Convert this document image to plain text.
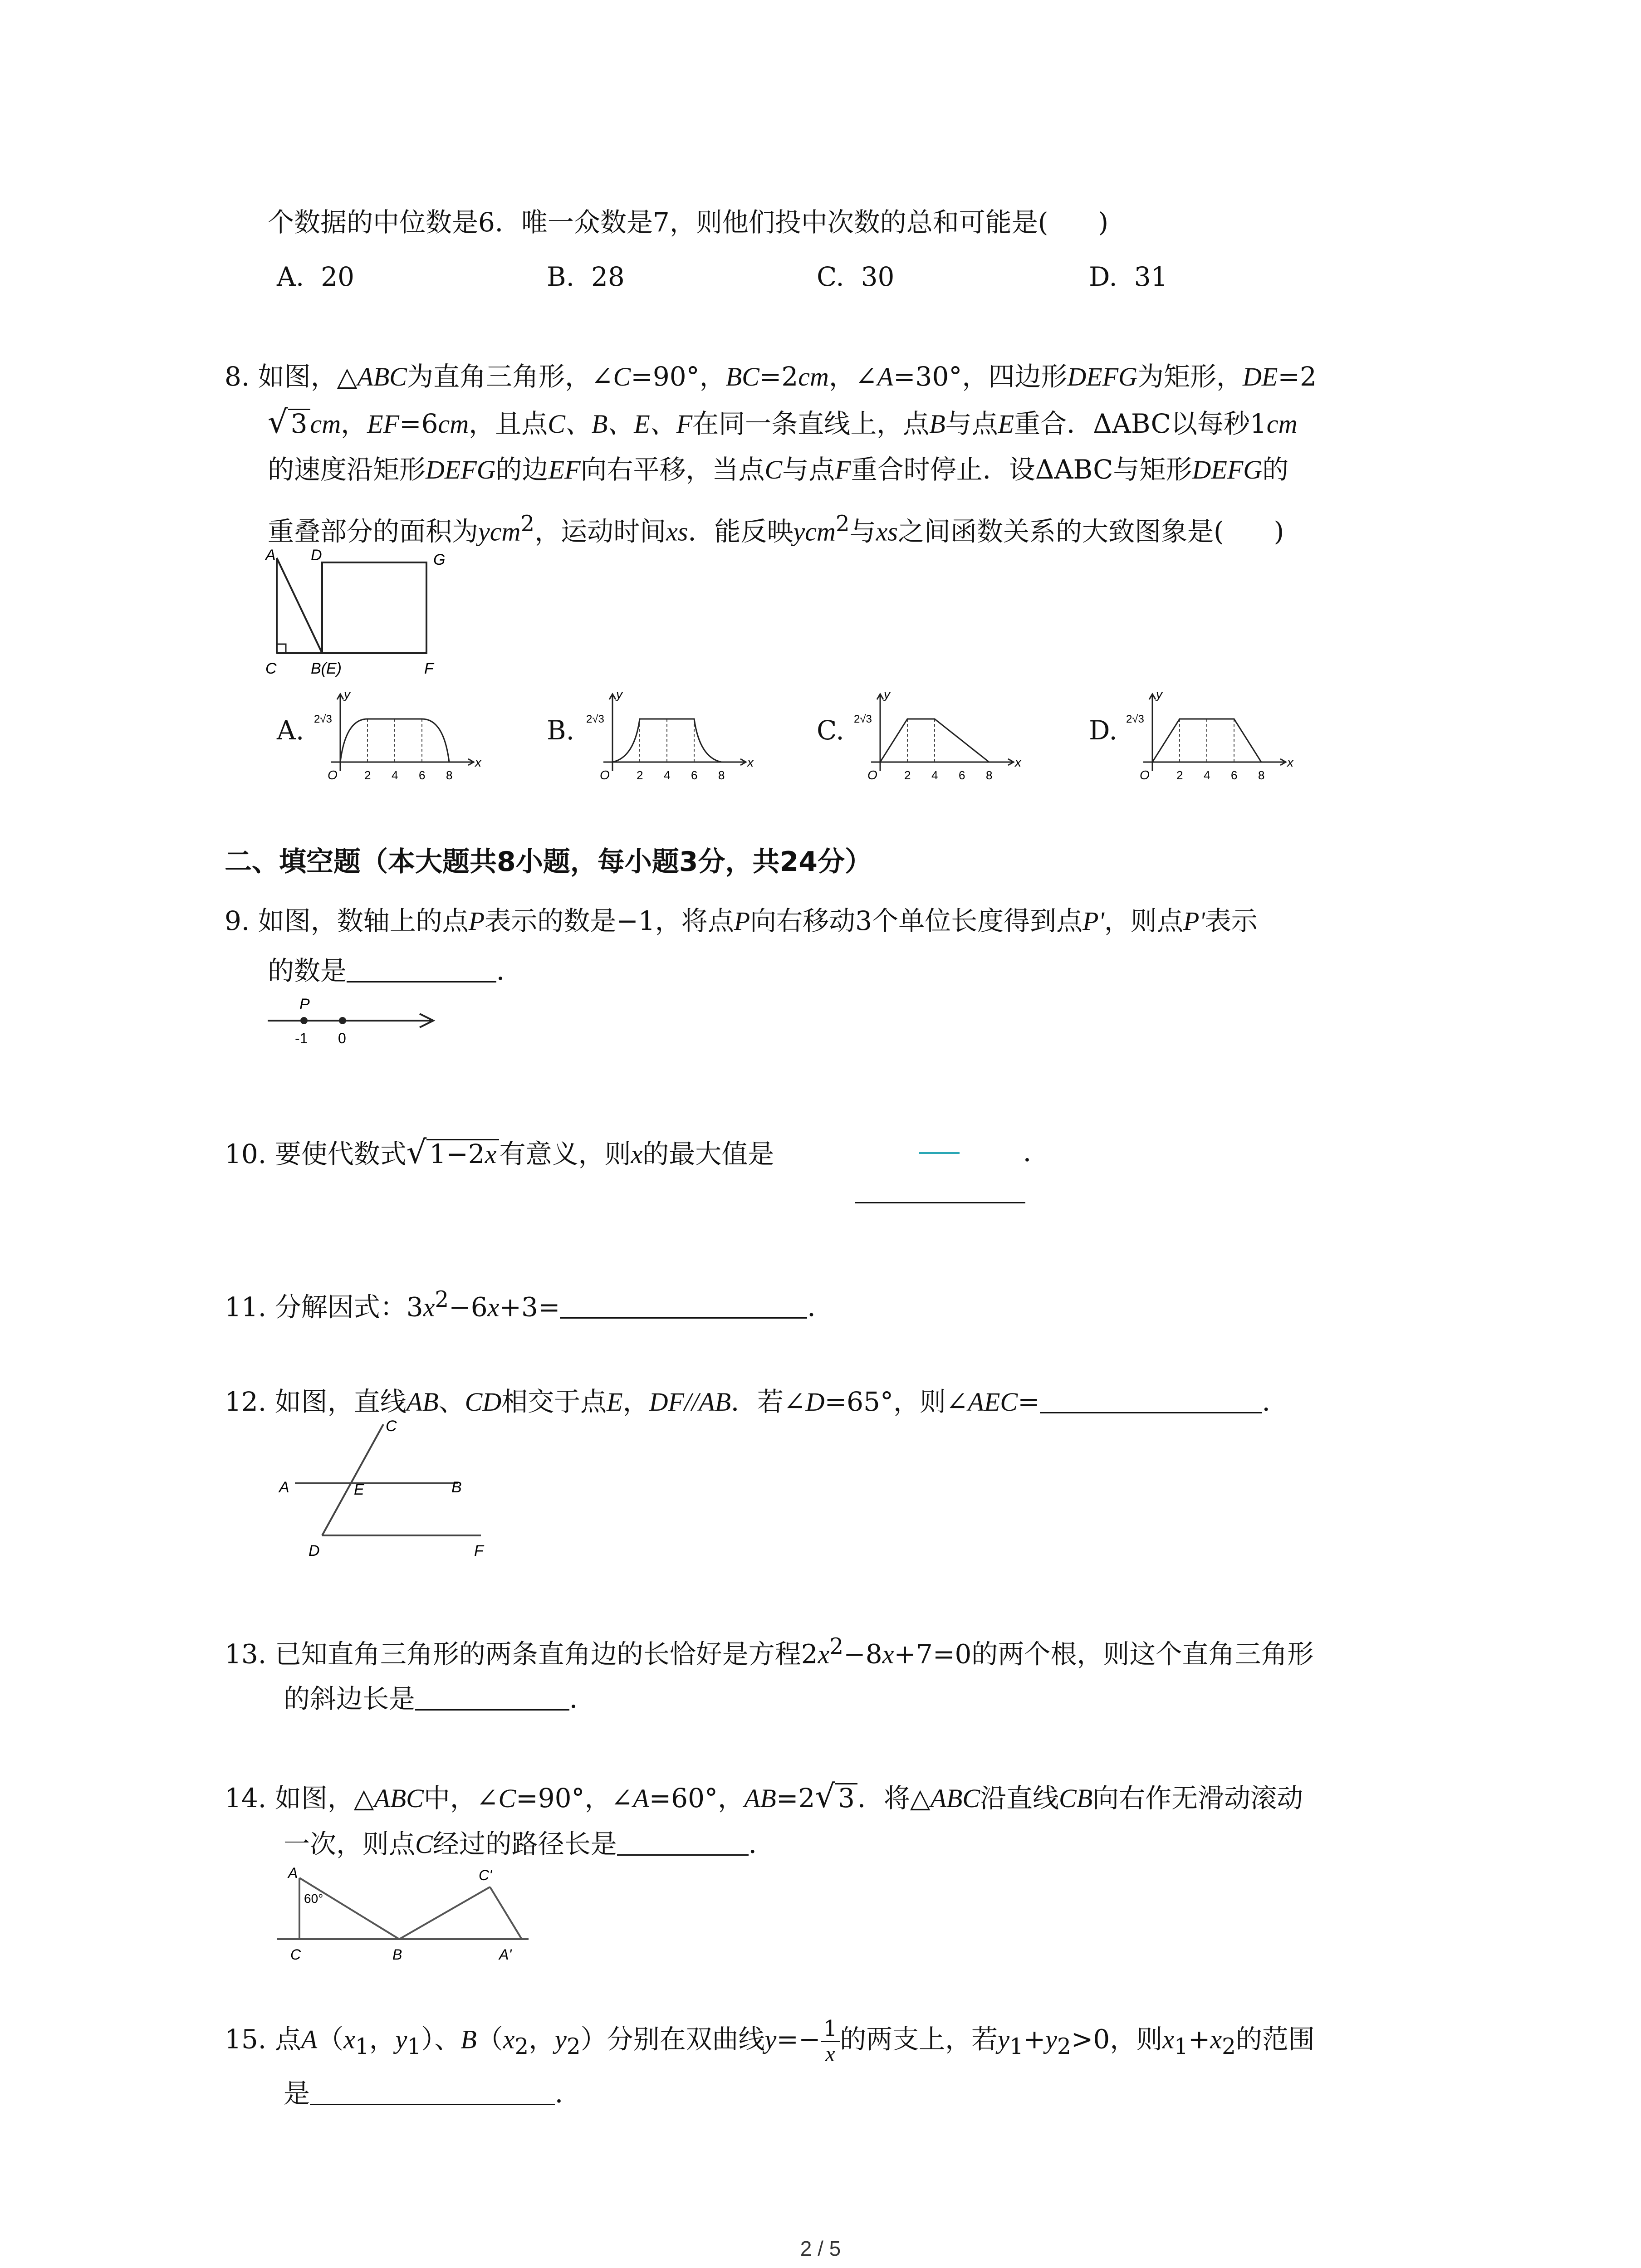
个数据的中位数是6．唯一众数是7，则他们投中次数的总和可能是( )
A. 20	B. 28	C. 30	D. 31
8. 如图，△ABC为直角三角形，∠C=90°，BC=2cm，∠A=30°，四边形DEFG为矩形，DE=2
√ 3 cm，EF=6cm，且点C、B、E、F在同一条直线上，点B与点E重合．ΔABC以每秒1cm
的速度沿矩形DEFG的边EF向右平移，当点C与点F重合时停止．设ΔABC与矩形DEFG的
重叠部分的面积为ycm$^2$，运动时间xs．能反映ycm$^2$与xs之间函数关系的大致图象是( )
A D	G
C B(E)	F
A.	B.	C.	D.
y
x
O
2√3
2 4 6 8
y
x
O
2√3
2 4 6 8
y
x
O
2√3
2 4 6 8
y
x
O
2√3
2 4 6 8
二、填空题（本大题共8小题，每小题3分，共24分）
9. 如图，数轴上的点P表示的数是−1，将点P向右移动3个单位长度得到点P'，则点P'表示
的数是	．
P
-1 0
10. 要使代数式√ 1−2x 有意义，则x的最大值是	．
11. 分解因式：$3x^2-6x+3=$	．
12. 如图，直线AB、CD相交于点E，DF//AB．若∠D=65°，则∠AEC=	．
C
A	E	B
D	F
13. 已知直角三角形的两条直角边的长恰好是方程$2x^2-8x+7=0$的两个根，则这个直角三角形
的斜边长是	．
14. 如图，△ABC中，∠C=90°，∠A=60°，AB=2√ 3 ．将△ABC沿直线CB向右作无滑动滚动
一次，则点C经过的路径长是	．
A
60°
C	B
C'
A'
15. 点$A(x_1$，$y_1$）、$B(x_2$，$y_2$）分别在双曲线$y=- \frac{1}{x}$ 的两支上，若$y_1+y_2>0$，则$x_1+x_2$的范围
是	．
2 / 5
